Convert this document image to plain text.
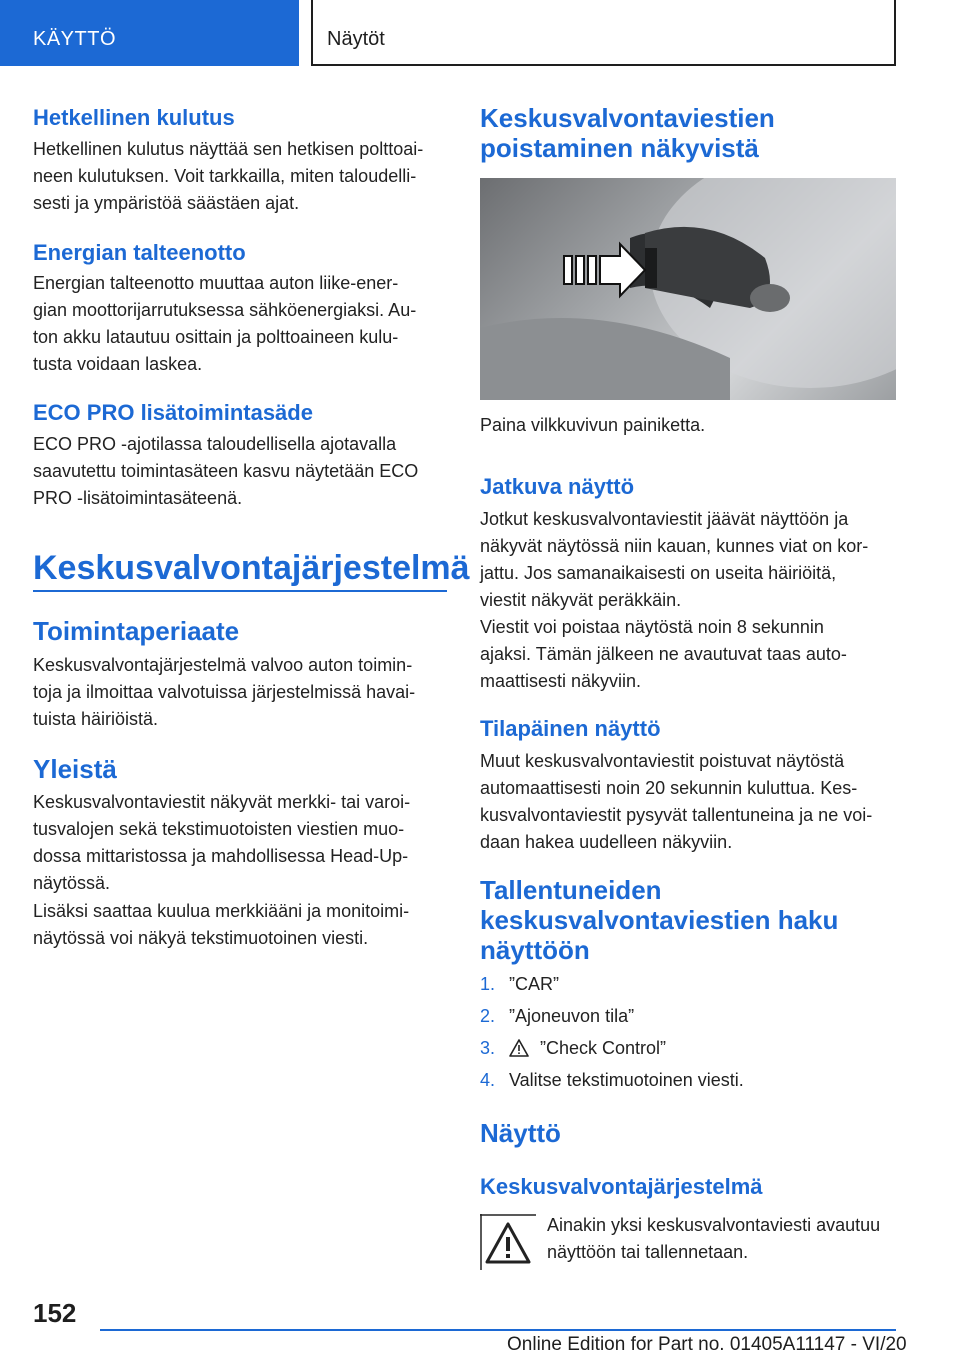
KÄYTTÖ	Näytöt
Hetkellinen kulutus
Hetkellinen kulutus näyttää sen hetkisen polttoai‐
neen kulutuksen. Voit tarkkailla, miten taloudelli‐
sesti ja ympäristöä säästäen ajat.
Energian talteenotto
Energian talteenotto muuttaa auton liike-ener‐
gian moottorijarrutuksessa sähköenergiaksi. Au‐
ton akku latautuu osittain ja polttoaineen kulu‐
tusta voidaan laskea.
ECO PRO lisätoimintasäde
ECO PRO -ajotilassa taloudellisella ajotavalla
saavutettu toimintasäteen kasvu näytetään ECO
PRO -lisätoimintasäteenä.
Keskusvalvontajärjestelmä
Toimintaperiaate
Keskusvalvontajärjestelmä valvoo auton toimin‐
toja ja ilmoittaa valvotuissa järjestelmissä havai‐
tuista häiriöistä.
Yleistä
Keskusvalvontaviestit näkyvät merkki- tai varoi‐
tusvalojen sekä tekstimuotoisten viestien muo‐
dossa mittaristossa ja mahdollisessa Head-Up-
näytössä.
Lisäksi saattaa kuulua merkkiääni ja monitoimi‐
näytössä voi näkyä tekstimuotoinen viesti.
Keskusvalvontaviestien
poistaminen näkyvistä
Paina vilkkuvivun painiketta.
Jatkuva näyttö
Jotkut keskusvalvontaviestit jäävät näyttöön ja
näkyvät näytössä niin kauan, kunnes viat on kor‐
jattu. Jos samanaikaisesti on useita häiriöitä,
viestit näkyvät peräkkäin.
Viestit voi poistaa näytöstä noin 8 sekunnin
ajaksi. Tämän jälkeen ne avautuvat taas auto‐
maattisesti näkyviin.
Tilapäinen näyttö
Muut keskusvalvontaviestit poistuvat näytöstä
automaattisesti noin 20 sekunnin kuluttua. Kes‐
kusvalvontaviestit pysyvät tallentuneina ja ne voi‐
daan hakea uudelleen näkyviin.
Tallentuneiden
keskusvalvontaviestien haku
näyttöön
1. ”CAR”
2. ”Ajoneuvon tila”
3. ”Check Control”
4. Valitse tekstimuotoinen viesti.
Näyttö
Keskusvalvontajärjestelmä
Ainakin yksi keskusvalvontaviesti avautuu
näyttöön tai tallennetaan.
152
Online Edition for Part no. 01405A11147 - VI/20
